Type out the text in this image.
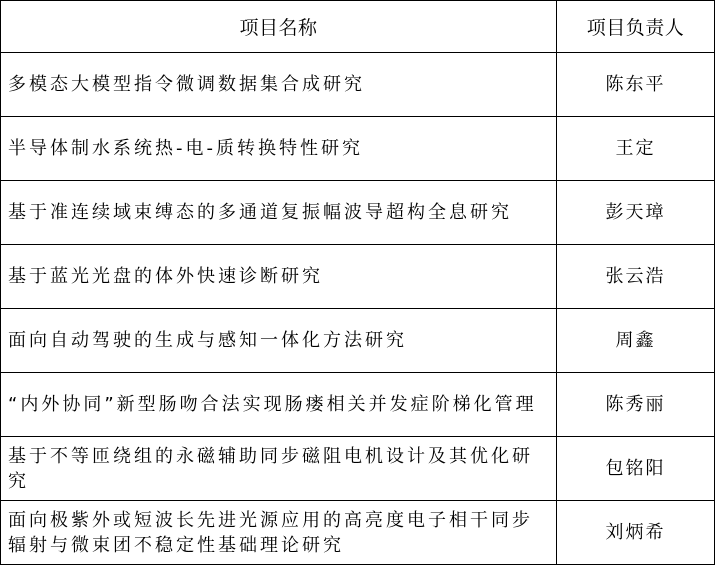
项目名称	项目负责人
多模态大模型指令微调数据集合成研究	陈东平
半导体制水系统热-电-质转换特性研究	王定
基于准连续域束缚态的多通道复振幅波导超构全息研究	彭天璋
基于蓝光光盘的体外快速诊断研究	张云浩
面向自动驾驶的生成与感知一体化方法研究	周鑫
“内外协同”新型肠吻合法实现肠瘘相关并发症阶梯化管理	陈秀丽
基于不等匝绕组的永磁辅助同步磁阻电机设计及其优化研究	包铭阳
面向极紫外或短波长先进光源应用的高亮度电子相干同步辐射与微束团不稳定性基础理论研究	刘炳希
